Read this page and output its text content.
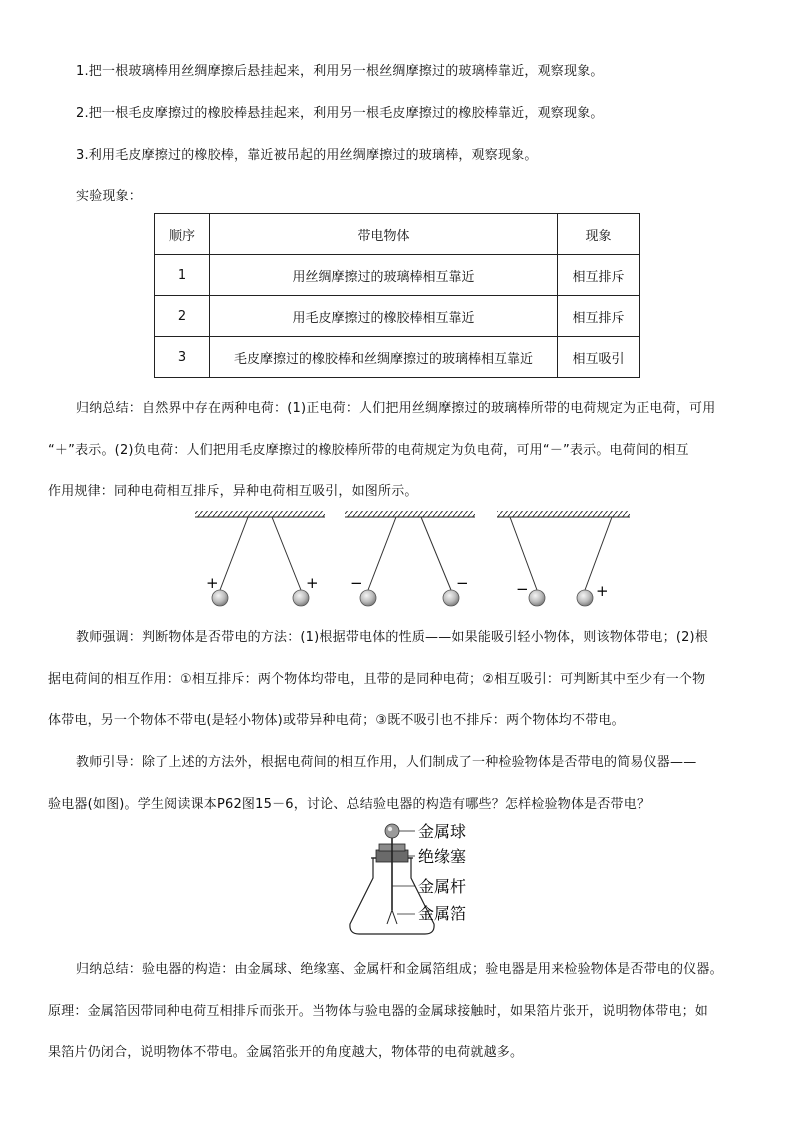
1.把一根玻璃棒用丝绸摩擦后悬挂起来，利用另一根丝绸摩擦过的玻璃棒靠近，观察现象。
2.把一根毛皮摩擦过的橡胶棒悬挂起来，利用另一根毛皮摩擦过的橡胶棒靠近，观察现象。
3.利用毛皮摩擦过的橡胶棒，靠近被吊起的用丝绸摩擦过的玻璃棒，观察现象。
实验现象：
顺序	带电物体	现象
1	用丝绸摩擦过的玻璃棒相互靠近	相互排斥
2	用毛皮摩擦过的橡胶棒相互靠近	相互排斥
3	毛皮摩擦过的橡胶棒和丝绸摩擦过的玻璃棒相互靠近	相互吸引
归纳总结：自然界中存在两种电荷：(1)正电荷：人们把用丝绸摩擦过的玻璃棒所带的电荷规定为正电荷，可用
“＋”表示。(2)负电荷：人们把用毛皮摩擦过的橡胶棒所带的电荷规定为负电荷，可用“－”表示。电荷间的相互
作用规律：同种电荷相互排斥，异种电荷相互吸引，如图所示。
+	+ −	−	−	+
教师强调：判断物体是否带电的方法：(1)根据带电体的性质——如果能吸引轻小物体，则该物体带电；(2)根
据电荷间的相互作用：①相互排斥：两个物体均带电，且带的是同种电荷；②相互吸引：可判断其中至少有一个物
体带电，另一个物体不带电(是轻小物体)或带异种电荷；③既不吸引也不排斥：两个物体均不带电。
教师引导：除了上述的方法外，根据电荷间的相互作用，人们制成了一种检验物体是否带电的简易仪器——
验电器(如图)。学生阅读课本P62图15－6，讨论、总结验电器的构造有哪些？怎样检验物体是否带电？
金属球
绝缘塞
金属杆
金属箔
归纳总结：验电器的构造：由金属球、绝缘塞、金属杆和金属箔组成；验电器是用来检验物体是否带电的仪器。
原理：金属箔因带同种电荷互相排斥而张开。当物体与验电器的金属球接触时，如果箔片张开，说明物体带电；如
果箔片仍闭合，说明物体不带电。金属箔张开的角度越大，物体带的电荷就越多。
